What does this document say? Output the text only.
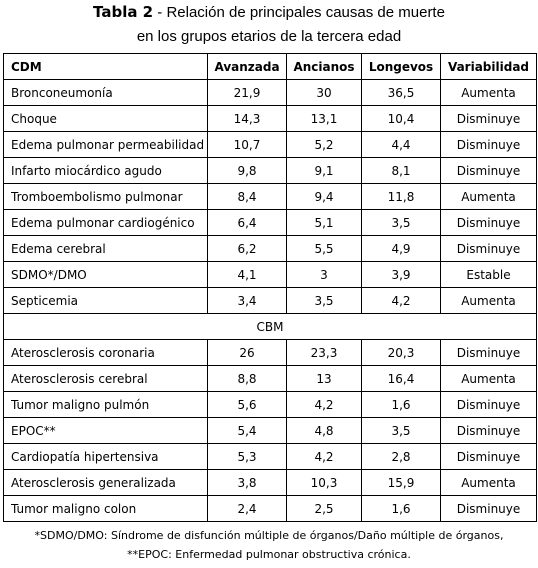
Tabla 2 - Relación de principales causas de muerte
en los grupos etarios de la tercera edad
CDM	Avanzada	Ancianos	Longevos	Variabilidad
Bronconeumonía	21,9	30	36,5	Aumenta
Choque	14,3	13,1	10,4	Disminuye
Edema pulmonar permeabilidad	10,7	5,2	4,4	Disminuye
Infarto miocárdico agudo	9,8	9,1	8,1	Disminuye
Tromboembolismo pulmonar	8,4	9,4	11,8	Aumenta
Edema pulmonar cardiogénico	6,4	5,1	3,5	Disminuye
Edema cerebral	6,2	5,5	4,9	Disminuye
SDMO*/DMO	4,1	3	3,9	Estable
Septicemia	3,4	3,5	4,2	Aumenta
CBM				
Aterosclerosis coronaria	26	23,3	20,3	Disminuye
Aterosclerosis cerebral	8,8	13	16,4	Aumenta
Tumor maligno pulmón	5,6	4,2	1,6	Disminuye
EPOC**	5,4	4,8	3,5	Disminuye
Cardiopatía hipertensiva	5,3	4,2	2,8	Disminuye
Aterosclerosis generalizada	3,8	10,3	15,9	Aumenta
Tumor maligno colon	2,4	2,5	1,6	Disminuye
*SDMO/DMO: Síndrome de disfunción múltiple de órganos/Daño múltiple de órganos,
**EPOC: Enfermedad pulmonar obstructiva crónica.
